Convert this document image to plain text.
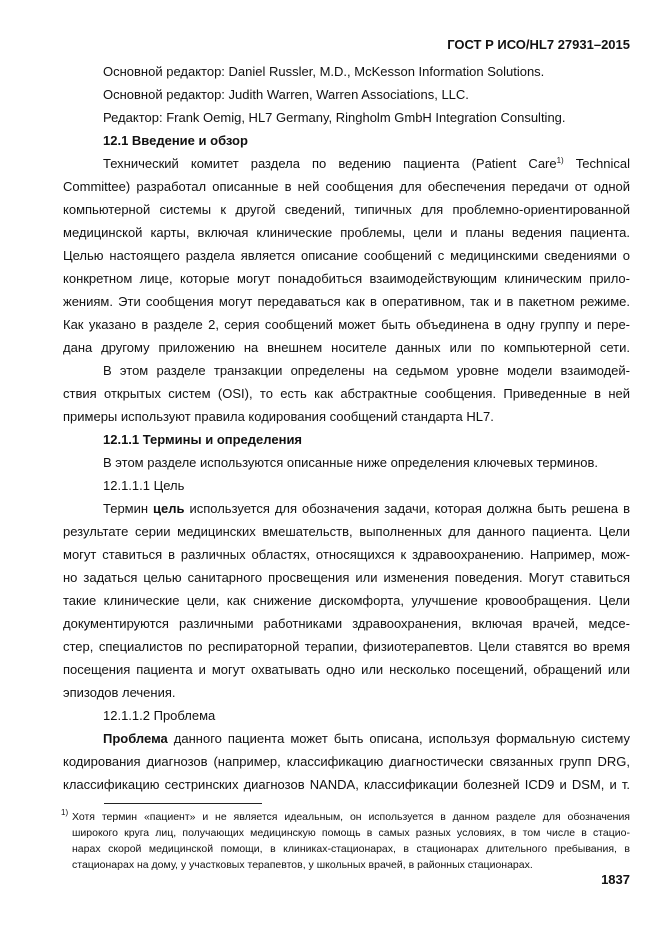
ГОСТ Р ИСО/HL7 27931–2015
Основной редактор: Daniel Russler, M.D., McKesson Information Solutions.
Основной редактор: Judith Warren, Warren Associations, LLC.
Редактор: Frank Oemig, HL7 Germany, Ringholm GmbH Integration Consulting.
12.1 Введение и обзор
Технический комитет раздела по ведению пациента (Patient Care$^{1)}$ Technical
Committee) разработал описанные в ней сообщения для обеспечения передачи от одной
компьютерной системы к другой сведений, типичных для проблемно-ориентированной
медицинской карты, включая клинические проблемы, цели и планы ведения пациента.
Целью настоящего раздела является описание сообщений с медицинскими сведениями о
конкретном лице, которые могут понадобиться взаимодействующим клиническим прило-
жениям. Эти сообщения могут передаваться как в оперативном, так и в пакетном режиме.
Как указано в разделе 2, серия сообщений может быть объединена в одну группу и пере-
дана другому приложению на внешнем носителе данных или по компьютерной сети.
В этом разделе транзакции определены на седьмом уровне модели взаимодей-
ствия открытых систем (OSI), то есть как абстрактные сообщения. Приведенные в ней
примеры используют правила кодирования сообщений стандарта HL7.
12.1.1 Термины и определения
В этом разделе используются описанные ниже определения ключевых терминов.
12.1.1.1 Цель
Термин цель используется для обозначения задачи, которая должна быть решена в
результате серии медицинских вмешательств, выполненных для данного пациента. Цели
могут ставиться в различных областях, относящихся к здравоохранению. Например, мож-
но задаться целью санитарного просвещения или изменения поведения. Могут ставиться
такие клинические цели, как снижение дискомфорта, улучшение кровообращения. Цели
документируются различными работниками здравоохранения, включая врачей, медсе-
стер, специалистов по респираторной терапии, физиотерапевтов. Цели ставятся во время
посещения пациента и могут охватывать одно или несколько посещений, обращений или
эпизодов лечения.
12.1.1.2 Проблема
Проблема данного пациента может быть описана, используя формальную систему
кодирования диагнозов (например, классификацию диагностически связанных групп DRG,
классификацию сестринских диагнозов NANDA, классификации болезней ICD9 и DSM, и т.
1) Хотя термин «пациент» и не является идеальным, он используется в данном разделе для обозначения
широкого круга лиц, получающих медицинскую помощь в самых разных условиях, в том числе в стацио-
нарах скорой медицинской помощи, в клиниках-стационарах, в стационарах длительного пребывания, в
стационарах на дому, у участковых терапевтов, у школьных врачей, в районных стационарах.
1837
